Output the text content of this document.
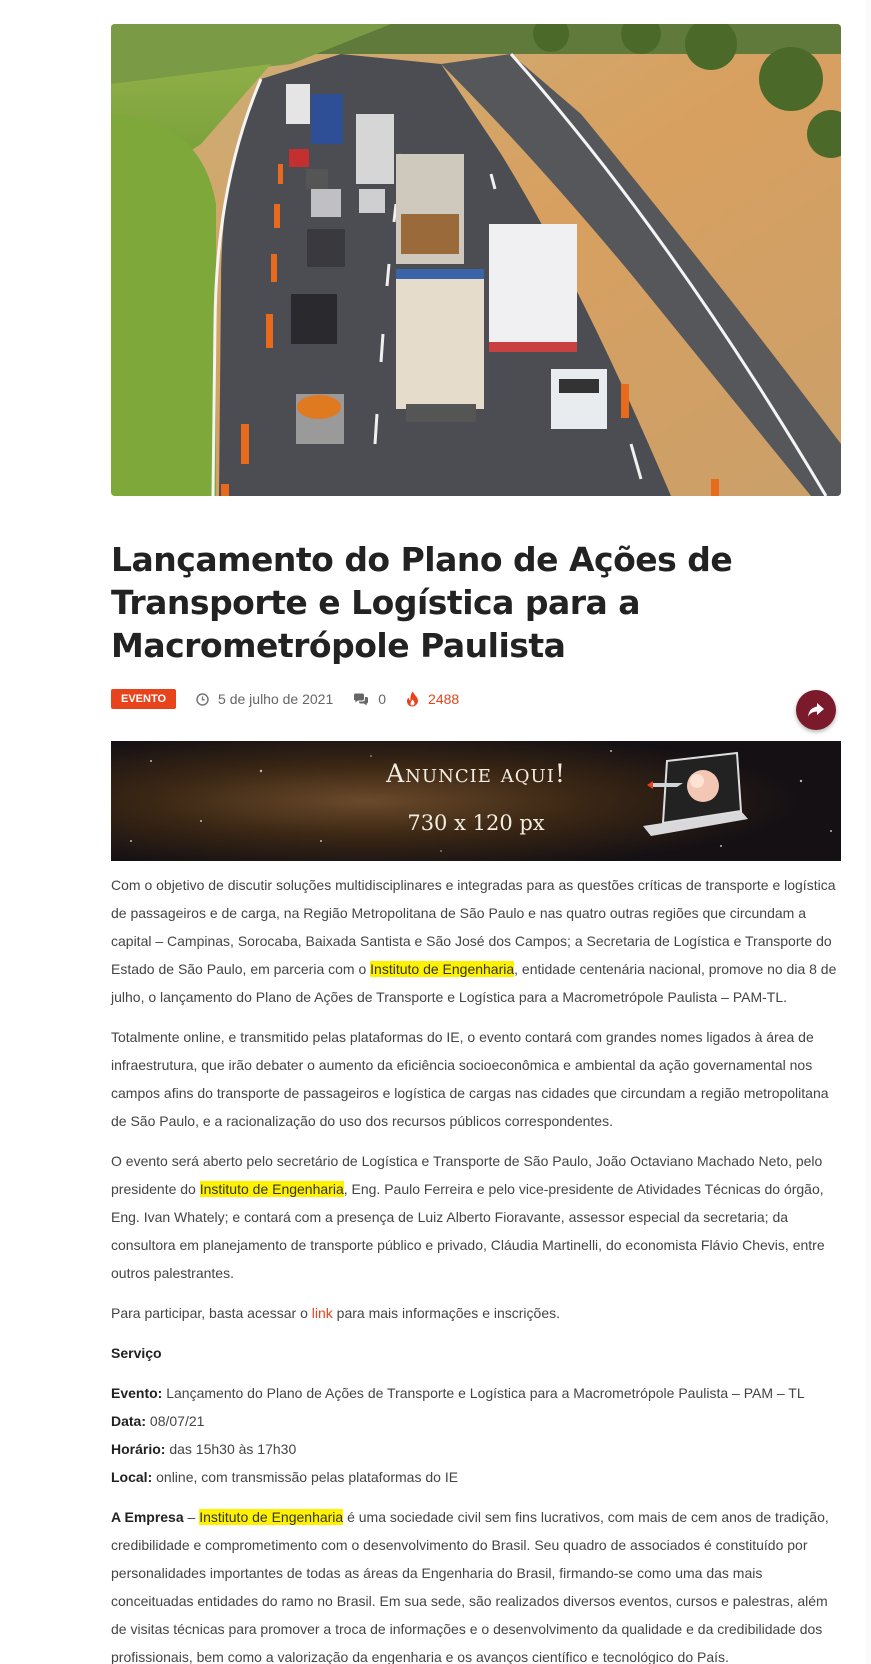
Lançamento do Plano de Ações de Transporte e Logística para a Macrometrópole Paulista
EVENTO	5 de julho de 2021	0	2488
Anuncie aqui!
730 x 120 px

Com o objetivo de discutir soluções multidisciplinares e integradas para as questões críticas de transporte e logística de passageiros e de carga, na Região Metropolitana de São Paulo e nas quatro outras regiões que circundam a capital – Campinas, Sorocaba, Baixada Santista e São José dos Campos; a Secretaria de Logística e Transporte do Estado de São Paulo, em parceria com o Instituto de Engenharia, entidade centenária nacional, promove no dia 8 de julho, o lançamento do Plano de Ações de Transporte e Logística para a Macrometrópole Paulista – PAM-TL.

Totalmente online, e transmitido pelas plataformas do IE, o evento contará com grandes nomes ligados à área de infraestrutura, que irão debater o aumento da eficiência socioeconômica e ambiental da ação governamental nos campos afins do transporte de passageiros e logística de cargas nas cidades que circundam a região metropolitana de São Paulo, e a racionalização do uso dos recursos públicos correspondentes.

O evento será aberto pelo secretário de Logística e Transporte de São Paulo, João Octaviano Machado Neto, pelo presidente do Instituto de Engenharia, Eng. Paulo Ferreira e pelo vice-presidente de Atividades Técnicas do órgão, Eng. Ivan Whately; e contará com a presença de Luiz Alberto Fioravante, assessor especial da secretaria; da consultora em planejamento de transporte público e privado, Cláudia Martinelli, do economista Flávio Chevis, entre outros palestrantes.

Para participar, basta acessar o link para mais informações e inscrições.

Serviço

Evento: Lançamento do Plano de Ações de Transporte e Logística para a Macrometrópole Paulista – PAM – TL

Data: 08/07/21

Horário: das 15h30 às 17h30

Local: online, com transmissão pelas plataformas do IE

A Empresa – Instituto de Engenharia é uma sociedade civil sem fins lucrativos, com mais de cem anos de tradição, credibilidade e comprometimento com o desenvolvimento do Brasil. Seu quadro de associados é constituído por personalidades importantes de todas as áreas da Engenharia do Brasil, firmando-se como uma das mais conceituadas entidades do ramo no Brasil. Em sua sede, são realizados diversos eventos, cursos e palestras, além de visitas técnicas para promover a troca de informações e o desenvolvimento da qualidade e da credibilidade dos profissionais, bem como a valorização da engenharia e os avanços científico e tecnológico do País.
